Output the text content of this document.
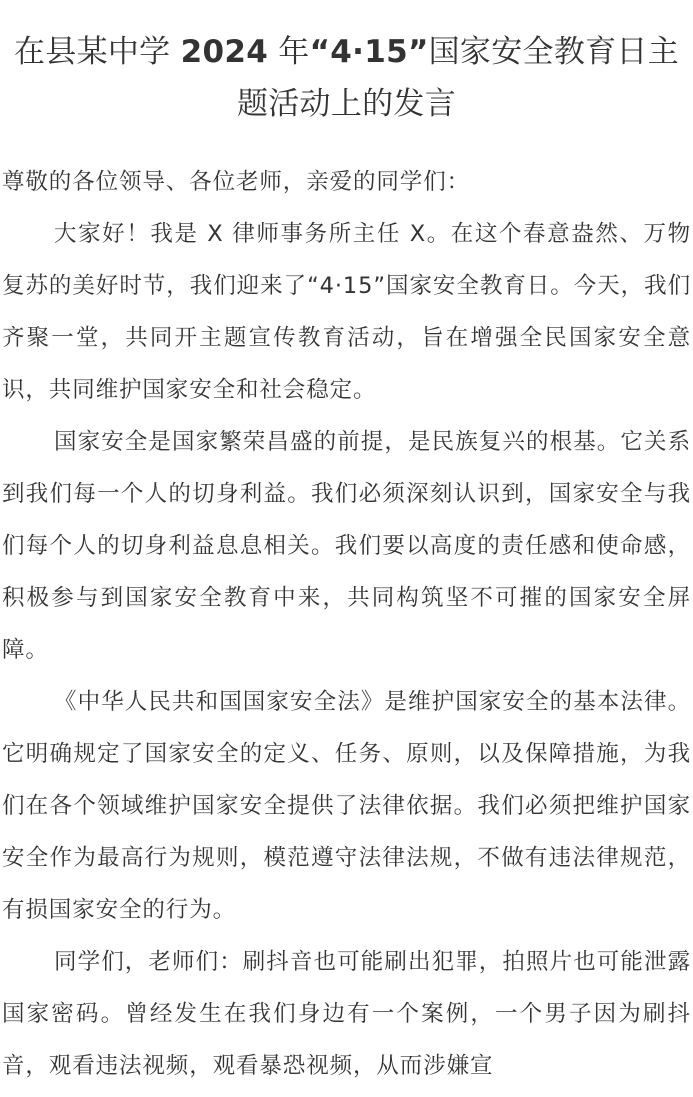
在县某中学 2024 年“4·15”国家安全教育日主题活动上的发言

尊敬的各位领导、各位老师，亲爱的同学们：

大家好！我是 X 律师事务所主任 X。在这个春意盎然、万物复苏的美好时节，我们迎来了“4·15”国家安全教育日。今天，我们齐聚一堂，共同开主题宣传教育活动，旨在增强全民国家安全意识，共同维护国家安全和社会稳定。

国家安全是国家繁荣昌盛的前提，是民族复兴的根基。它关系到我们每一个人的切身利益。我们必须深刻认识到，国家安全与我们每个人的切身利益息息相关。我们要以高度的责任感和使命感，积极参与到国家安全教育中来，共同构筑坚不可摧的国家安全屏障。

《中华人民共和国国家安全法》是维护国家安全的基本法律。它明确规定了国家安全的定义、任务、原则，以及保障措施，为我们在各个领域维护国家安全提供了法律依据。我们必须把维护国家安全作为最高行为规则，模范遵守法律法规，不做有违法律规范，有损国家安全的行为。

同学们，老师们：刷抖音也可能刷出犯罪，拍照片也可能泄露国家密码。曾经发生在我们身边有一个案例，一个男子因为刷抖音，观看违法视频，观看暴恐视频，从而涉嫌宣
